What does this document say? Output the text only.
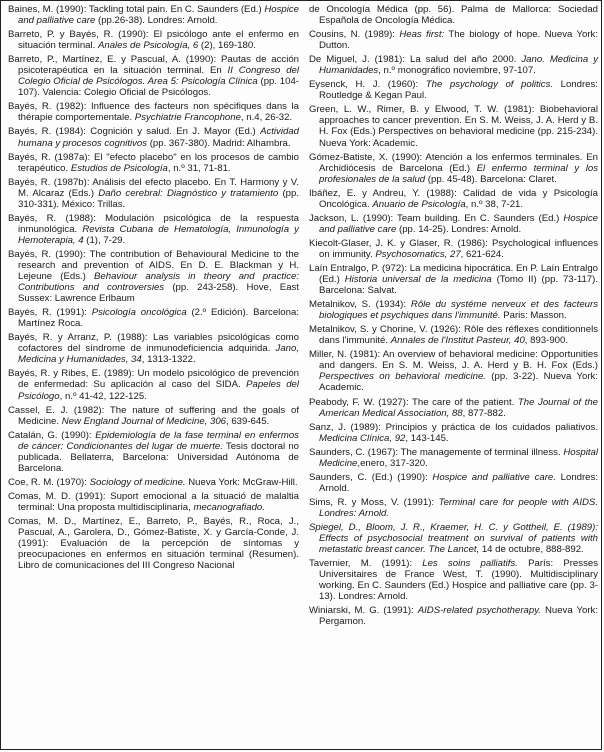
Baines, M. (1990): Tackling total pain. En C. Saunders (Ed.) Hospice and palliative care (pp.26-38). Londres: Arnold.

Barreto, P. y Bayés, R. (1990): El psicólogo ante el enfermo en situación terminal. Anales de Psicología, 6 (2), 169-180.

Barreto, P., Martínez, E. y Pascual, A. (1990): Pautas de acción psicoterapéutica en la situación terminal. En II Congreso del Colegio Oficial de Psicólogos. Area 5: Psicología Clínica (pp. 104-107). Valencia: Colegio Oficial de Psicólogos.

Bayés, R. (1982): Influence des facteurs non spécifiques dans la thérapie comportementale. Psychiatrie Francophone, n.4, 26-32.

Bayés, R. (1984): Cognición y salud. En J. Mayor (Ed.) Actividad humana y procesos cognitivos (pp. 367-380). Madrid: Alhambra.

Bayés, R. (1987a): El "efecto placebo" en los procesos de cambio terapéutico. Estudios de Psicología, n.º 31, 71-81.

Bayés, R. (1987b): Análisis del efecto placebo. En T. Harmony y V. M. Alcaraz (Eds.) Daño cerebral: Diagnóstico y tratamiento (pp. 310-331). México: Trillas.

Bayés, R. (1988): Modulación psicológica de la respuesta inmunológica. Revista Cubana de Hematología, Inmunología y Hemoterapia, 4 (1), 7-29.

Bayés, R. (1990): The contribution of Behavioural Medicine to the research and prevention of AIDS. En D. E. Blackman y H. Lejeune (Eds.) Behaviour analysis in theory and practice: Contributions and controversies (pp. 243-258). Hove, East Sussex: Lawrence Erlbaum

Bayés, R. (1991): Psicología oncológica (2.º Edición). Barcelona: Martínez Roca.

Bayés, R. y Arranz, P. (1988): Las variables psicológicas como cofactores del síndrome de inmunodeficiencia adquirida. Jano, Medicina y Humanidades, 34, 1313-1322.

Bayés, R. y Ribes, E. (1989): Un modelo psicológico de prevención de enfermedad: Su aplicación al caso del SIDA. Papeles del Psicólogo, n.º 41-42, 122-125.

Cassel, E. J. (1982): The nature of suffering and the goals of Medicine. New England Journal of Medicine, 306, 639-645.

Catalán, G. (1990): Epidemiología de la fase terminal en enfermos de cáncer: Condicionantes del lugar de muerte. Tesis doctoral no publicada. Bellaterra, Barcelona: Universidad Autónoma de Barcelona.

Coe, R. M. (1970): Sociology of medicine. Nueva York: McGraw-Hill.

Comas, M. D. (1991): Suport emocional a la situació de malaltia terminal: Una proposta multidisciplinaria, mecanografiado.

Comas, M. D., Martínez, E., Barreto, P., Bayés, R., Roca, J., Pascual, A., Garolera, D., Gómez-Batiste, X. y García-Conde, J. (1991): Evaluación de la percepción de síntomas y preocupaciones en enfermos en situación terminal (Resumen). Libro de comunicaciones del III Congreso Nacional

de Oncología Médica (pp. 56). Palma de Mallorca: Sociedad Española de Oncología Médica.

Cousins, N. (1989): Heas first: The biology of hope. Nueva York: Dutton.

De Miguel, J. (1981): La salud del año 2000. Jano. Medicina y Humanidades, n.º monográfico noviembre, 97-107.

Eysenck, H. J. (1960): The psychology of politics. Londres: Routledge & Kegan Paul.

Green, L. W., Rimer, B. y Elwood, T. W. (1981): Biobehavioral approaches to cancer prevention. En S. M. Weiss, J. A. Herd y B. H. Fox (Eds.) Perspectives on behavioral medicine (pp. 215-234). Nueva York: Academic.

Gómez-Batiste, X. (1990): Atención a los enfermos terminales. En Archidiócesis de Barcelona (Ed.) El enfermo terminal y los profesionales de la salud (pp. 45-48). Barcelona: Claret.

Ibáñez, E. y Andreu, Y. (1988): Calidad de vida y Psicología Oncológica. Anuario de Psicología, n.º 38, 7-21.

Jackson, L. (1990): Team building. En C. Saunders (Ed.) Hospice and palliative care (pp. 14-25). Londres: Arnold.

Kiecolt-Glaser, J. K. y Glaser, R. (1986): Psychological influences on immunity. Psychosomatics, 27, 621-624.

Laín Entralgo, P. (972): La medicina hipocrática. En P. Laín Entralgo (Ed.) Historia universal de la medicina (Tomo II) (pp. 73-117). Barcelona: Salvat.

Metalnikov, S. (1934): Rôle du systéme nerveux et des facteurs biologiques et psychiques dans l'immunité. Paris: Masson.

Metalnikov, S. y Chorine, V. (1926): Rôle des réflexes conditionnels dans l'immunité. Annales de l'Institut Pasteur, 40, 893-900.

Miller, N. (1981): An overview of behavioral medicine: Opportunities and dangers. En S. M. Weiss, J. A. Herd y B. H. Fox (Eds.) Perspectives on behavioral medicine. (pp. 3-22). Nueva York: Academic.

Peabody, F. W. (1927): The care of the patient. The Journal of the American Medical Association, 88, 877-882.

Sanz, J. (1989): Principios y práctica de los cuidados paliativos. Medicina Clínica, 92, 143-145.

Saunders, C. (1967): The managemente of terminal illness. Hospital Medicine,enero, 317-320.

Saunders, C. (Ed.) (1990): Hospice and palliative care. Londres: Arnold.

Sims, R. y Moss, V. (1991): Terminal care for people with AIDS. Londres: Arnold.

Spiegel, D., Bloom, J. R., Kraemer, H. C. y Gottheil, E. (1989): Effects of psychosocial treatment on survival of patients with metastatic breast cancer. The Lancet, 14 de octubre, 888-892.

Tavernier, M. (1991): Les soins palliatifs. París: Presses Universitaires de France West, T. (1990). Multidisciplinary working. En C. Saunders (Ed.) Hospice and palliative care (pp. 3-13). Londres: Arnold.

Winiarski, M. G. (1991): AIDS-related psychotherapy. Nueva York: Pergamon.
